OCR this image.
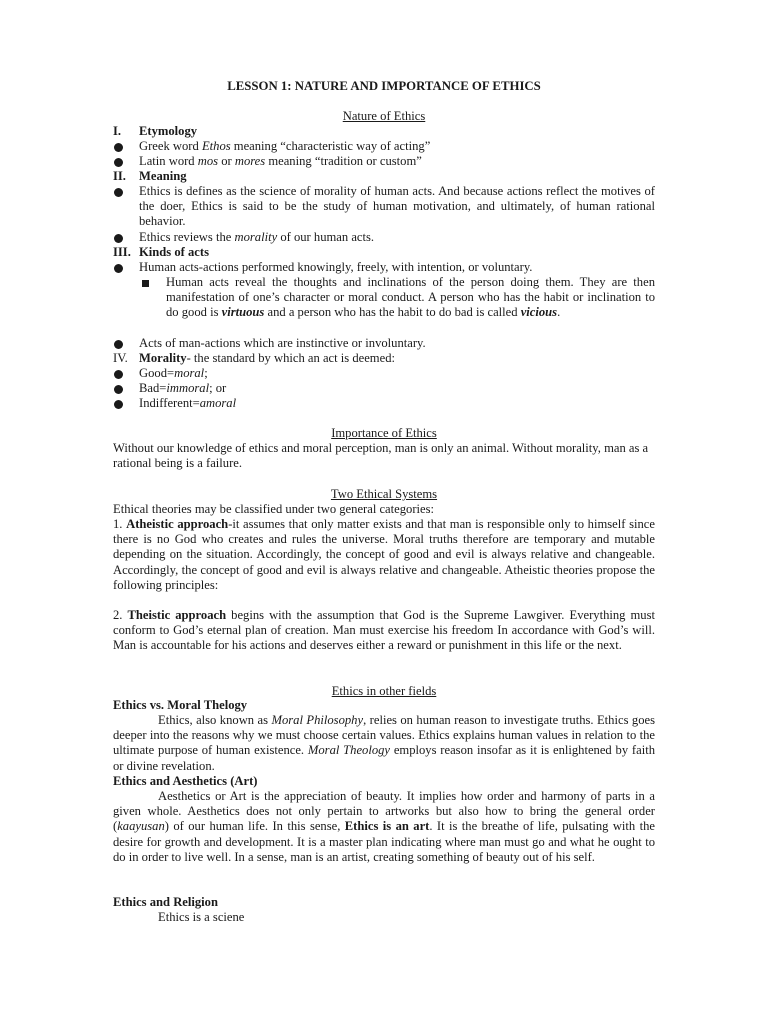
LESSON 1: NATURE AND IMPORTANCE OF ETHICS
Nature of Ethics
I. Etymology
Greek word Ethos meaning “characteristic way of acting”
Latin word mos or mores meaning “tradition or custom”
II. Meaning
Ethics is defines as the science of morality of human acts. And because actions reflect the motives of the doer, Ethics is said to be the study of human motivation, and ultimately, of human rational behavior.
Ethics reviews the morality of our human acts.
III. Kinds of acts
Human acts-actions performed knowingly, freely, with intention, or voluntary.
Human acts reveal the thoughts and inclinations of the person doing them. They are then manifestation of one’s character or moral conduct. A person who has the habit or inclination to do good is virtuous and a person who has the habit to do bad is called vicious.
Acts of man-actions which are instinctive or involuntary.
IV. Morality- the standard by which an act is deemed:
Good=moral;
Bad=immoral; or
Indifferent=amoral
Importance of Ethics
Without our knowledge of ethics and moral perception, man is only an animal. Without morality, man as a rational being is a failure.
Two Ethical Systems
Ethical theories may be classified under two general categories:
1. Atheistic approach-it assumes that only matter exists and that man is responsible only to himself since there is no God who creates and rules the universe. Moral truths therefore are temporary and mutable depending on the situation. Accordingly, the concept of good and evil is always relative and changeable. Accordingly, the concept of good and evil is always relative and changeable. Atheistic theories propose the following principles:
2. Theistic approach begins with the assumption that God is the Supreme Lawgiver. Everything must conform to God’s eternal plan of creation. Man must exercise his freedom In accordance with God’s will. Man is accountable for his actions and deserves either a reward or punishment in this life or the next.
Ethics in other fields
Ethics vs. Moral Thelogy
Ethics, also known as Moral Philosophy, relies on human reason to investigate truths. Ethics goes deeper into the reasons why we must choose certain values. Ethics explains human values in relation to the ultimate purpose of human existence. Moral Theology employs reason insofar as it is enlightened by faith or divine revelation.
Ethics and Aesthetics (Art)
Aesthetics or Art is the appreciation of beauty. It implies how order and harmony of parts in a given whole. Aesthetics does not only pertain to artworks but also how to bring the general order (kaayusan) of our human life. In this sense, Ethics is an art. It is the breathe of life, pulsating with the desire for growth and development. It is a master plan indicating where man must go and what he ought to do in order to live well. In a sense, man is an artist, creating something of beauty out of his self.
Ethics and Religion
Ethics is a sciene
